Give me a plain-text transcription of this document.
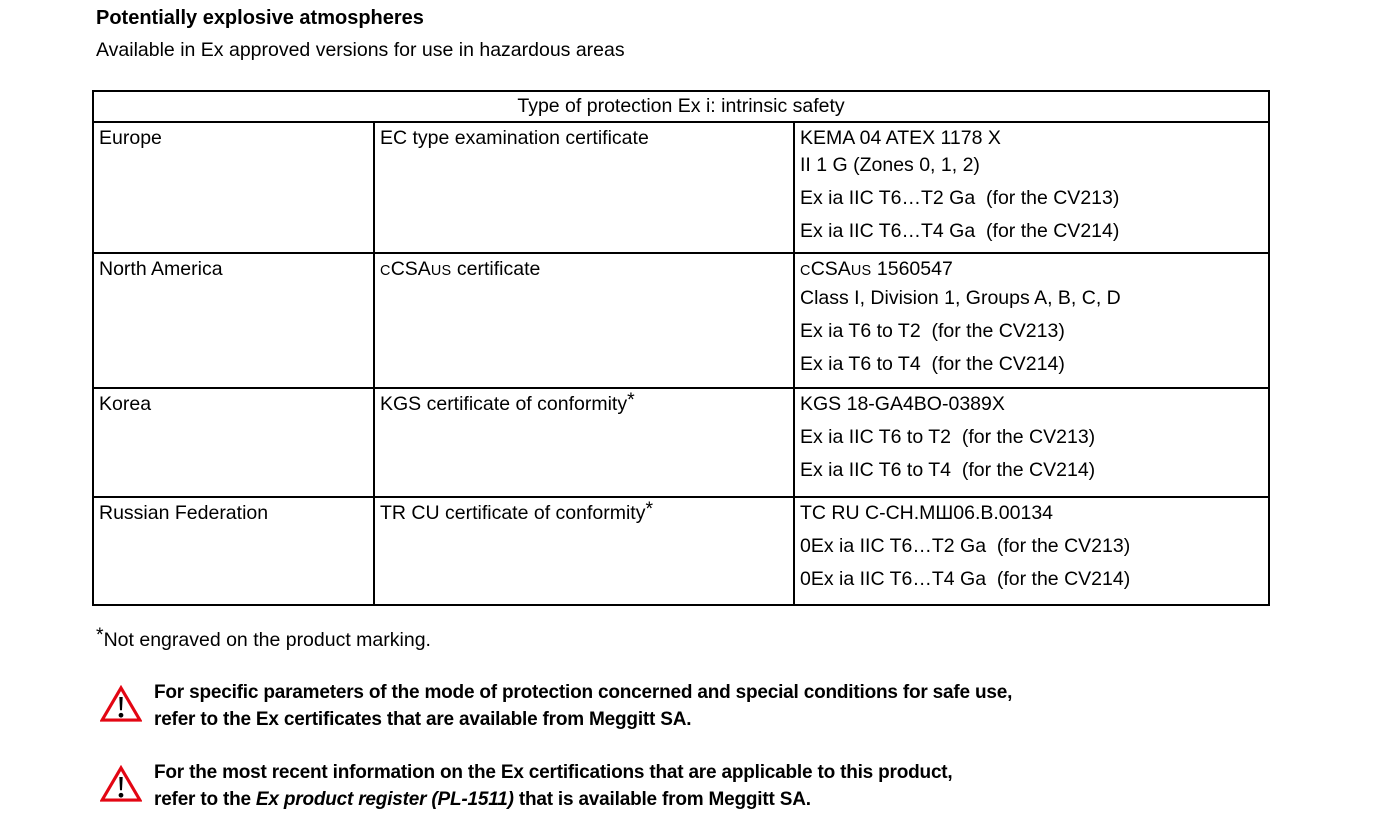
Potentially explosive atmospheres
Available in Ex approved versions for use in hazardous areas
Type of protection Ex i: intrinsic safety		

Europe	EC type examination certificate	KEMA 04 ATEX 1178 X
II 1 G (Zones 0, 1, 2)
Ex ia IIC T6…T2 Ga  (for the CV213)
Ex ia IIC T6…T4 Ga  (for the CV214)

North America	CCSAUS certificate	CCSAUS 1560547
Class I, Division 1, Groups A, B, C, D
Ex ia T6 to T2  (for the CV213)
Ex ia T6 to T4  (for the CV214)

Korea	KGS certificate of conformity*	KGS 18-GA4BO-0389X
Ex ia IIC T6 to T2  (for the CV213)
Ex ia IIC T6 to T4  (for the CV214)

Russian Federation	TR CU certificate of conformity*	TC RU C-CH.МШ06.B.00134
0Ex ia IIC T6…T2 Ga  (for the CV213)
0Ex ia IIC T6…T4 Ga  (for the CV214)
*Not engraved on the product marking.
For specific parameters of the mode of protection concerned and special conditions for safe use,
refer to the Ex certificates that are available from Meggitt SA.
For the most recent information on the Ex certifications that are applicable to this product,
refer to the Ex product register (PL-1511) that is available from Meggitt SA.
